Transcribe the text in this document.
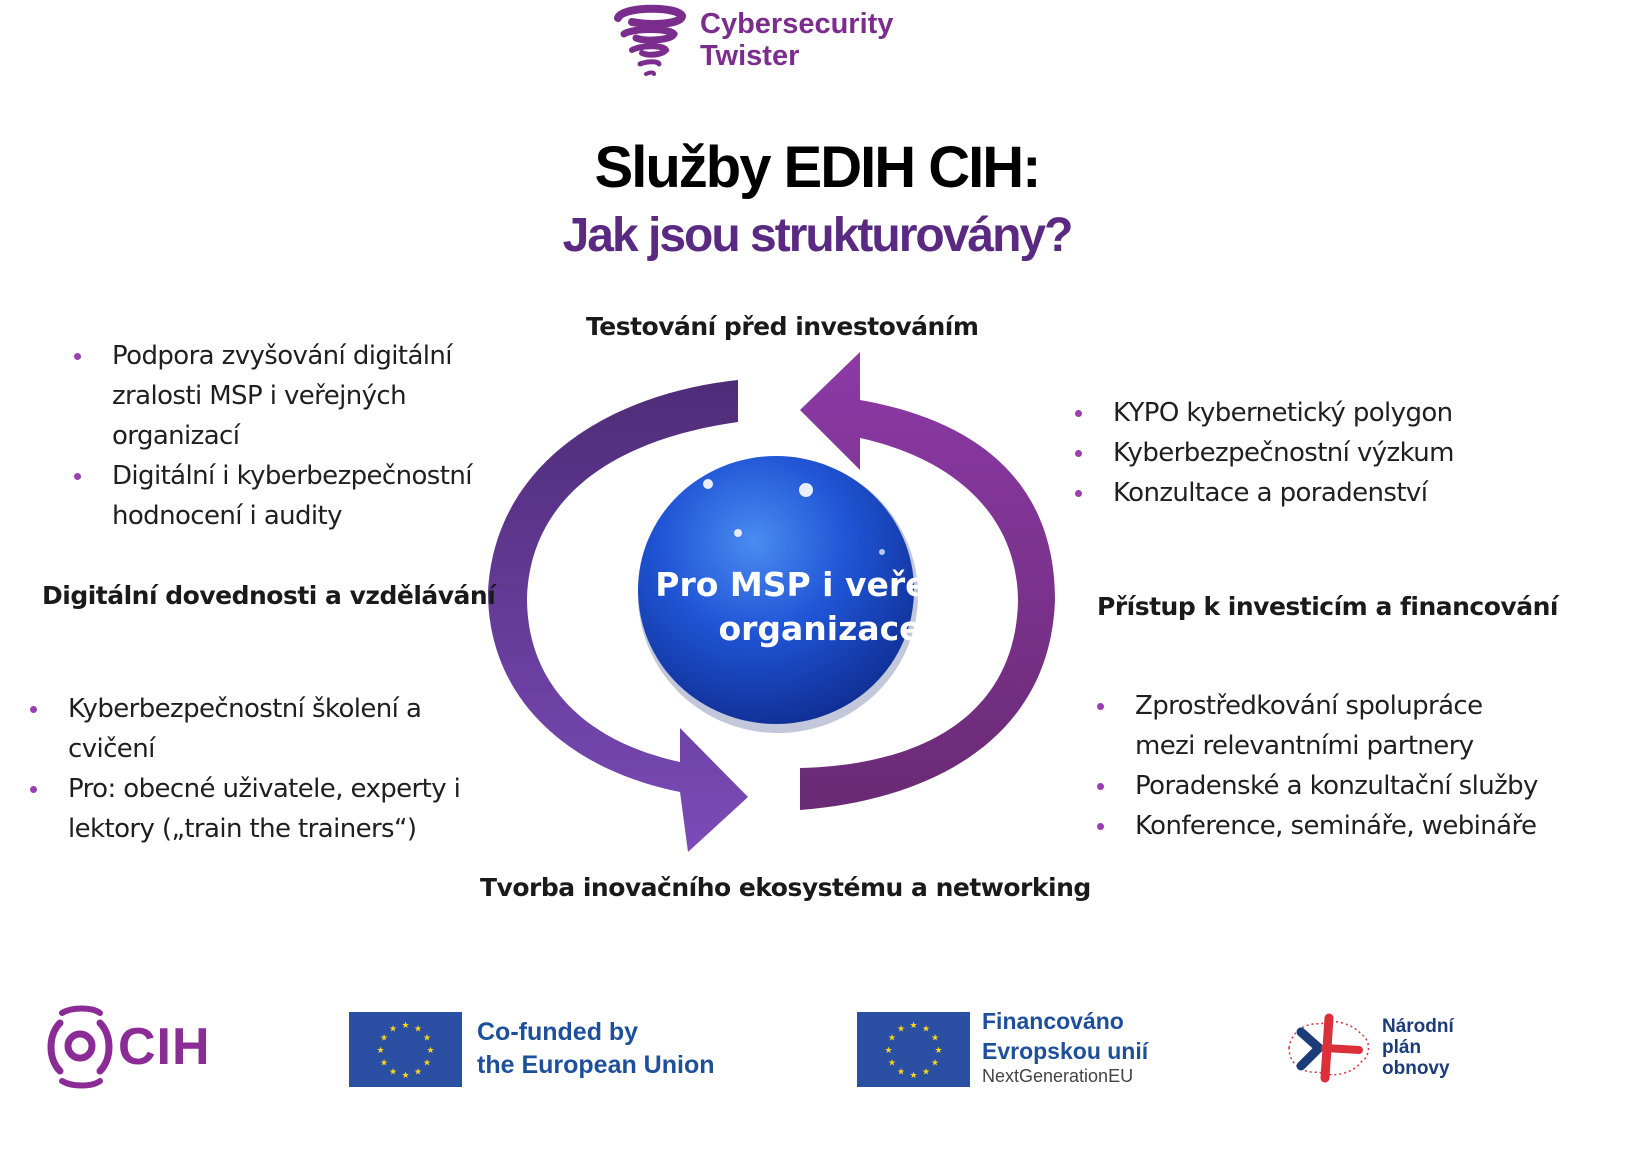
Cybersecurity
Twister
Služby EDIH CIH:
Jak jsou strukturovány?
Pro MSP i veřejné organizace
Testování před investováním
Digitální dovednosti a vzdělávání	Přístup k investicím a financování
Tvorba inovačního ekosystému a networking
Podpora zvyšování digitální zralosti MSP i veřejných organizací
Digitální i kyberbezpečnostní hodnocení i audity
KYPO kybernetický polygon
Kyberbezpečnostní výzkum
Konzultace a poradenství
Kyberbezpečnostní školení a cvičení
Pro: obecné uživatele, experty i lektory („train the trainers“)
Zprostředkování spolupráce mezi relevantními partnery
Poradenské a konzultační služby
Konference, semináře, webináře
CIH	★ ★
★
★
★
★
★
★
★
★
★
★	Co-funded by
the European Union
★ ★
★
★
★
★
★
★
★
★
★
★	Financováno
Evropskou unií
NextGenerationEU
Národní
plán
obnovy
